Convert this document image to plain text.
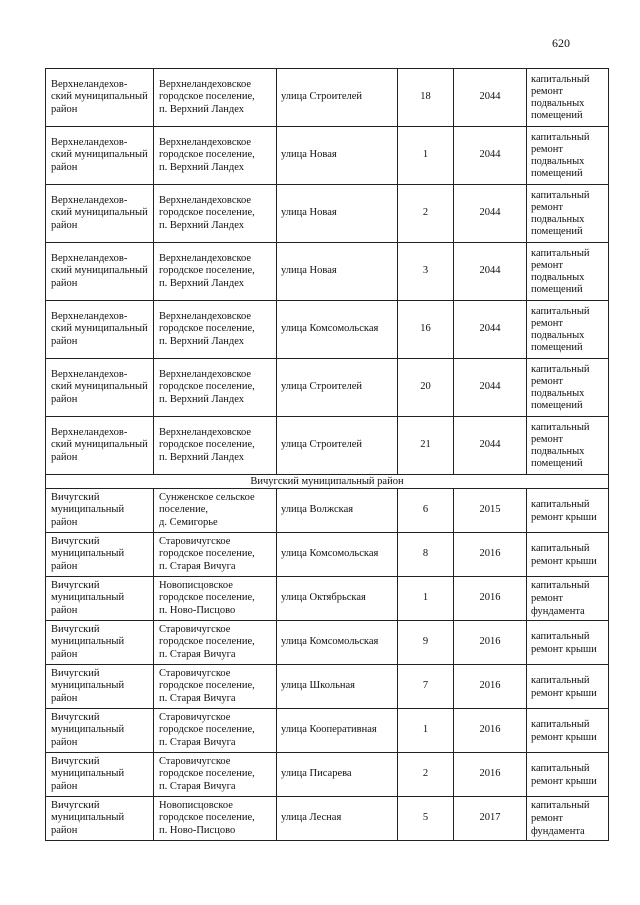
620
Верхнеландехов-
ский муниципальный
район	Верхнеландеховское
городское поселение,
п. Верхний Ландех	улица Строителей	18	2044	капитальный
ремонт
подвальных
помещений

Верхнеландехов-
ский муниципальный
район	Верхнеландеховское
городское поселение,
п. Верхний Ландех	улица Новая	1	2044	капитальный
ремонт
подвальных
помещений

Верхнеландехов-
ский муниципальный
район	Верхнеландеховское
городское поселение,
п. Верхний Ландех	улица Новая	2	2044	капитальный
ремонт
подвальных
помещений

Верхнеландехов-
ский муниципальный
район	Верхнеландеховское
городское поселение,
п. Верхний Ландех	улица Новая	3	2044	капитальный
ремонт
подвальных
помещений

Верхнеландехов-
ский муниципальный
район	Верхнеландеховское
городское поселение,
п. Верхний Ландех	улица Комсомольская	16	2044	капитальный
ремонт
подвальных
помещений

Верхнеландехов-
ский муниципальный
район	Верхнеландеховское
городское поселение,
п. Верхний Ландех	улица Строителей	20	2044	капитальный
ремонт
подвальных
помещений

Верхнеландехов-
ский муниципальный
район	Верхнеландеховское
городское поселение,
п. Верхний Ландех	улица Строителей	21	2044	капитальный
ремонт
подвальных
помещений

Вичугский муниципальный район					

Вичугский
муниципальный
район	Сунженское сельское
поселение,
д. Семигорье	улица Волжская	6	2015	капитальный
ремонт крыши

Вичугский
муниципальный
район	Старовичугское
городское поселение,
п. Старая Вичуга	улица Комсомольская	8	2016	капитальный
ремонт крыши

Вичугский
муниципальный
район	Новописцовское
городское поселение,
п. Ново-Писцово	улица Октябрьская	1	2016	капитальный
ремонт
фундамента

Вичугский
муниципальный
район	Старовичугское
городское поселение,
п. Старая Вичуга	улица Комсомольская	9	2016	капитальный
ремонт крыши

Вичугский
муниципальный
район	Старовичугское
городское поселение,
п. Старая Вичуга	улица Школьная	7	2016	капитальный
ремонт крыши

Вичугский
муниципальный
район	Старовичугское
городское поселение,
п. Старая Вичуга	улица Кооперативная	1	2016	капитальный
ремонт крыши

Вичугский
муниципальный
район	Старовичугское
городское поселение,
п. Старая Вичуга	улица Писарева	2	2016	капитальный
ремонт крыши

Вичугский
муниципальный
район	Новописцовское
городское поселение,
п. Ново-Писцово	улица Лесная	5	2017	капитальный
ремонт
фундамента
